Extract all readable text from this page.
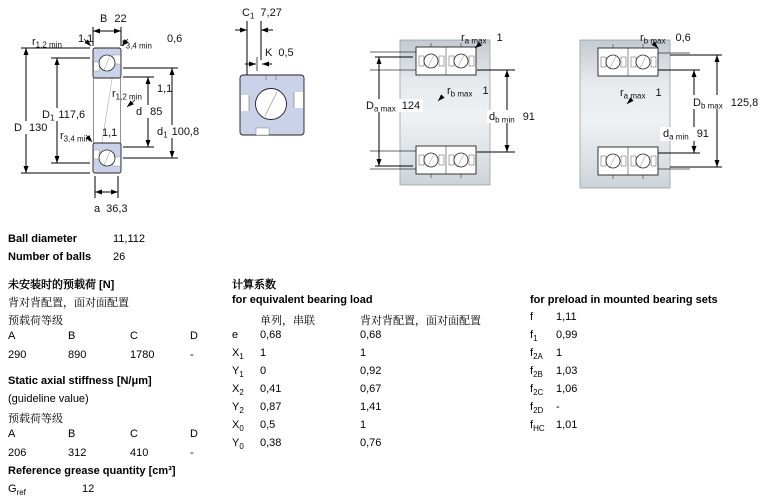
B 22
$r_{1,2 min}$ 1,1	$r_{3,4 min}$
0,6
$D_1$ 117,6
D 130
$r_{1,2 min}$
1,1
d 85
$d_1$ 100,8
$r_{3,4 min}$ 1,1
a 36,3
$C_1$ 7,27
K 0,5
$D_{a max}$ 124
$d_{b min}$ 91
$r_{a max}$ 1
$r_{b max}$ 1
$r_{b max}$ 0,6
$r_{a max}$ 1
$D_{b max}$ 125,8
$d_{a min}$ 91
Ball diameter	11,112
Number of balls 26
未安装时的预载荷 [N]
背对背配置，面对面配置
预载荷等级
A	B	C	D
290	890	1780	-
Static axial stiffness [N/μm]
(guideline value)
预载荷等级
A	B	C	D
206	312	410	-
Reference grease quantity [cm³]
$G_{ref}$	12
计算系数
for equivalent bearing load
单列，串联	背对背配置，面对面配置
e 0,68	0,68
$X_1$ 1	1
$Y_1$ 0	0,92
$X_2$ 0,41	0,67
$Y_2$ 0,87	1,41
$X_0$ 0,5	1
$Y_0$ 0,38	0,76
for preload in mounted bearing sets
f 1,11
$f_1$ 0,99
$f_{2A}$ 1
$f_{2B}$ 1,03
$f_{2C}$ 1,06
$f_{2D}$ -
$f_{HC}$ 1,01
